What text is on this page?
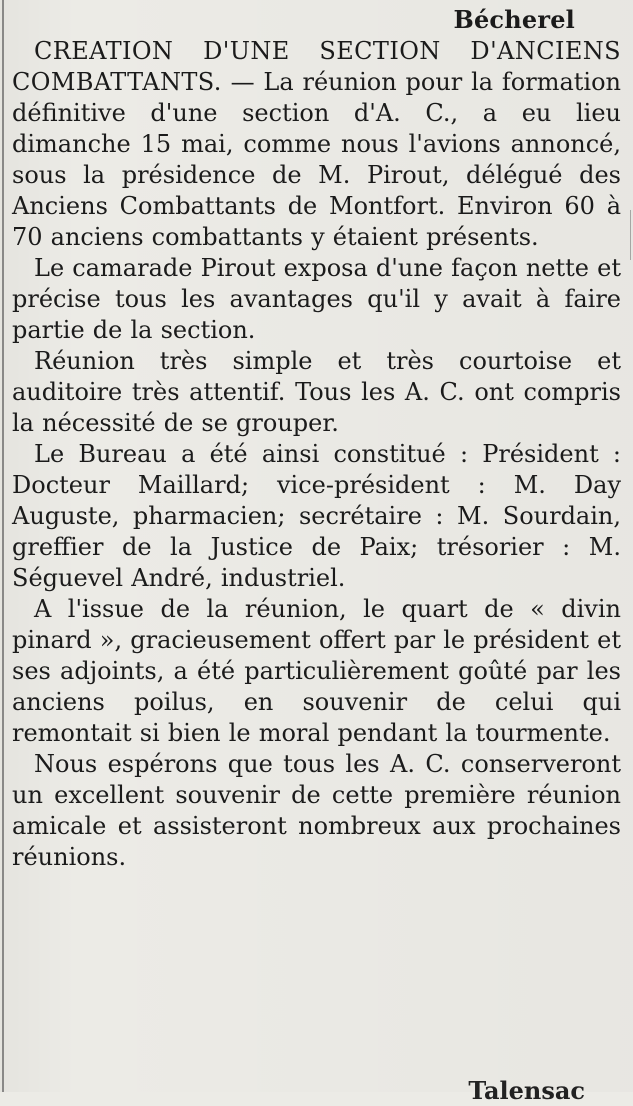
Bécherel

CREATION D'UNE SECTION D'ANCIENS COMBATTANTS. — La réunion pour la formation définitive d'une section d'A. C., a eu lieu dimanche 15 mai, comme nous l'avions annoncé, sous la présidence de M. Pirout, délégué des Anciens Combattants de Montfort. Environ 60 à 70 anciens combattants y étaient présents.

Le camarade Pirout exposa d'une façon nette et précise tous les avantages qu'il y avait à faire partie de la section.

Réunion très simple et très courtoise et auditoire très attentif. Tous les A. C. ont compris la nécessité de se grouper.

Le Bureau a été ainsi constitué : Président : Docteur Maillard; vice-président : M. Day Auguste, pharmacien; secrétaire : M. Sourdain, greffier de la Justice de Paix; trésorier : M. Séguevel André, industriel.

A l'issue de la réunion, le quart de « divin pinard », gracieusement offert par le président et ses adjoints, a été particulièrement goûté par les anciens poilus, en souvenir de celui qui remontait si bien le moral pendant la tourmente.

Nous espérons que tous les A. C. conserveront un excellent souvenir de cette première réunion amicale et assisteront nombreux aux prochaines réunions.

Talensac
